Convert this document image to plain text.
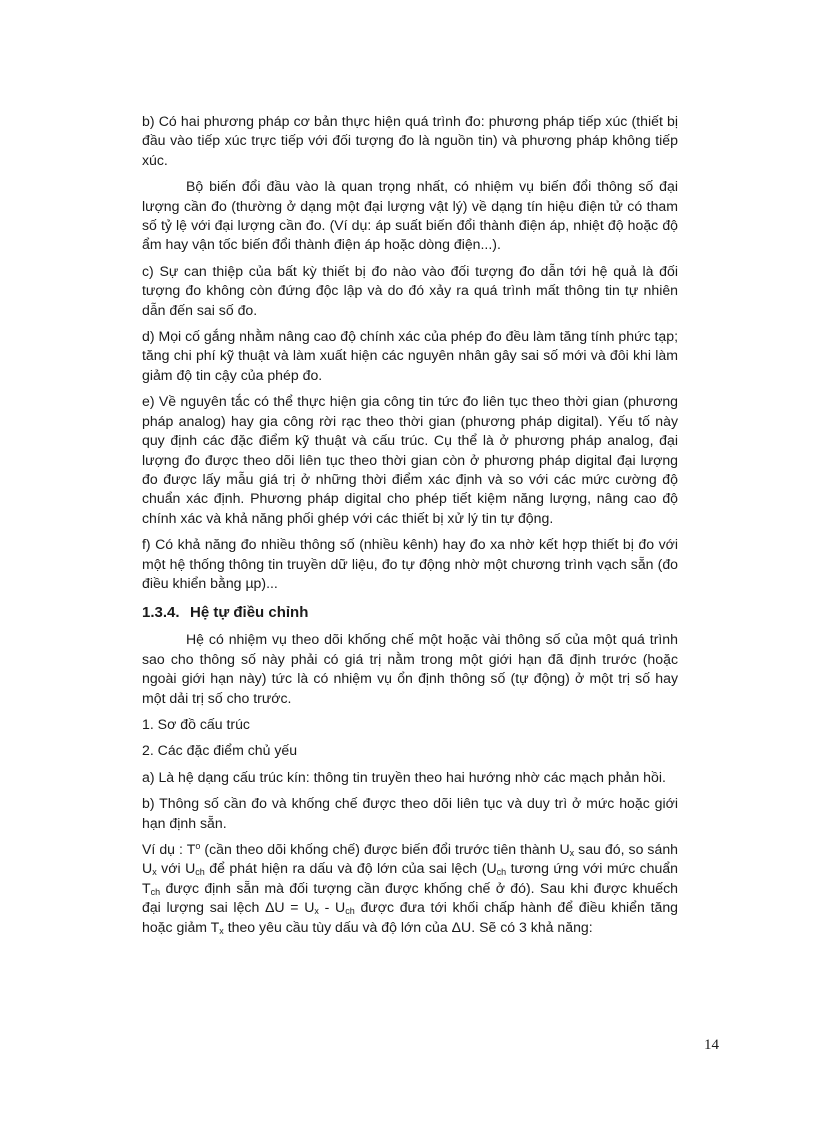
b) Có hai phương pháp cơ bản thực hiện quá trình đo: phương pháp tiếp xúc (thiết bị đầu vào tiếp xúc trực tiếp với đối tượng đo là nguồn tin) và phương pháp không tiếp xúc.

Bộ biến đổi đầu vào là quan trọng nhất, có nhiệm vụ biến đổi thông số đại lượng cần đo (thường ở dạng một đại lượng vật lý) về dạng tín hiệu điện tử có tham số tỷ lệ với đại lượng cần đo. (Ví dụ: áp suất biến đổi thành điện áp, nhiệt độ hoặc độ ẩm hay vận tốc biến đổi thành điện áp hoặc dòng điện...).

c) Sự can thiệp của bất kỳ thiết bị đo nào vào đối tượng đo dẫn tới hệ quả là đối tượng đo không còn đứng độc lập và do đó xảy ra quá trình mất thông tin tự nhiên dẫn đến sai số đo.

d) Mọi cố gắng nhằm nâng cao độ chính xác của phép đo đều làm tăng tính phức tạp; tăng chi phí kỹ thuật và làm xuất hiện các nguyên nhân gây sai số mới và đôi khi làm giảm độ tin cậy của phép đo.

e) Về nguyên tắc có thể thực hiện gia công tin tức đo liên tục theo thời gian (phương pháp analog) hay gia công rời rạc theo thời gian (phương pháp digital). Yếu tố này quy định các đặc điểm kỹ thuật và cấu trúc. Cụ thể là ở phương pháp analog, đại lượng đo được theo dõi liên tục theo thời gian còn ở phương pháp digital đại lượng đo được lấy mẫu giá trị ở những thời điểm xác định và so với các mức cường độ chuẩn xác định. Phương pháp digital cho phép tiết kiệm năng lượng, nâng cao độ chính xác và khả năng phối ghép với các thiết bị xử lý tin tự động.

f) Có khả năng đo nhiều thông số (nhiều kênh) hay đo xa nhờ kết hợp thiết bị đo với một hệ thống thông tin truyền dữ liệu, đo tự động nhờ một chương trình vạch sẵn (đo điều khiển bằng µp)...

1.3.4. Hệ tự điều chỉnh

Hệ có nhiệm vụ theo dõi khống chế một hoặc vài thông số của một quá trình sao cho thông số này phải có giá trị nằm trong một giới hạn đã định trước (hoặc ngoài giới hạn này) tức là có nhiệm vụ ổn định thông số (tự động) ở một trị số hay một dải trị số cho trước.

1. Sơ đồ cấu trúc

2. Các đặc điểm chủ yếu

a) Là hệ dạng cấu trúc kín: thông tin truyền theo hai hướng nhờ các mạch phản hồi.

b) Thông số cần đo và khống chế được theo dõi liên tục và duy trì ở mức hoặc giới hạn định sẵn.

Ví dụ : $T^o$ (cần theo dõi khống chế) được biến đổi trước tiên thành $U_x$ sau đó, so sánh $U_x$ với $U_{ch}$ để phát hiện ra dấu và độ lớn của sai lệch ($U_{ch}$ tương ứng với mức chuẩn $T_{ch}$ được định sẵn mà đối tượng cần được khống chế ở đó). Sau khi được khuếch đại lượng sai lệch $\Delta U = U_x - U_{ch}$ được đưa tới khối chấp hành để điều khiển tăng hoặc giảm $T_x$ theo yêu cầu tùy dấu và độ lớn của ΔU. Sẽ có 3 khả năng:

14
